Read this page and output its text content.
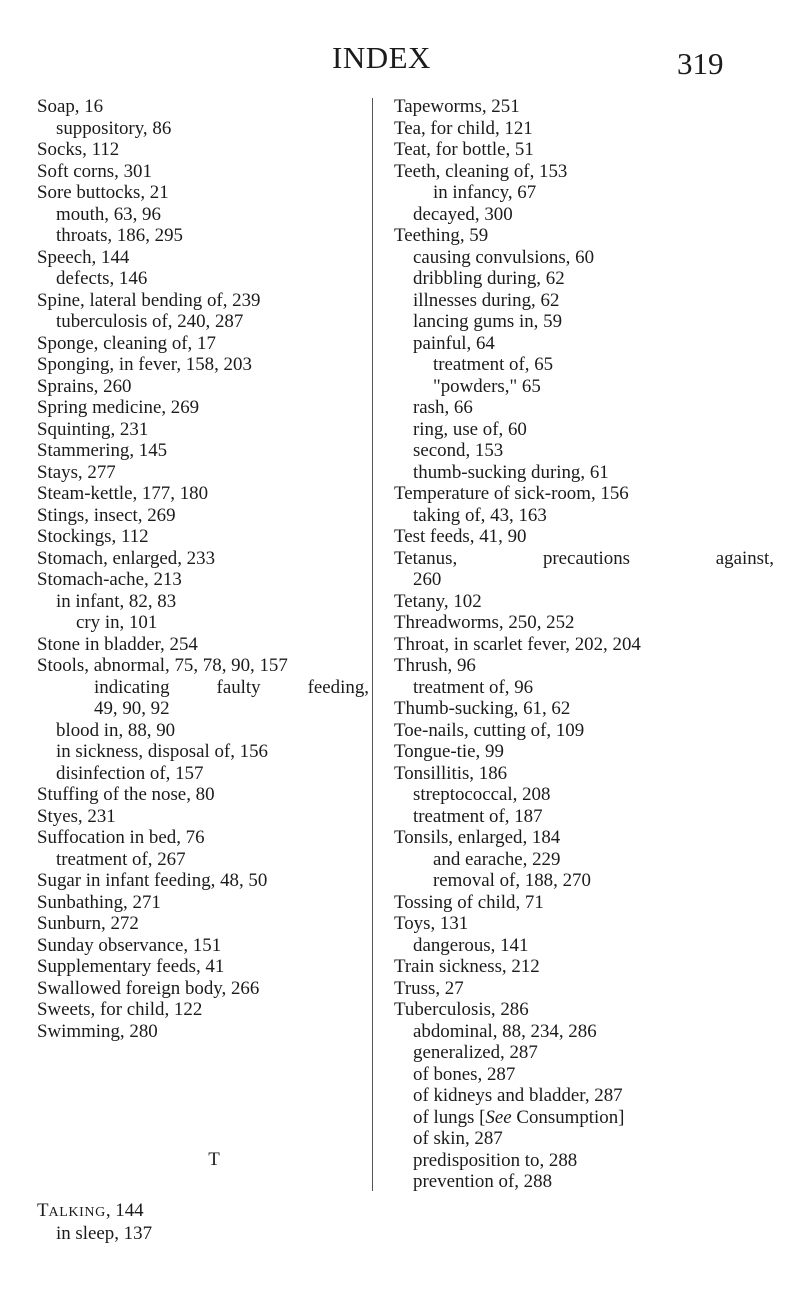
INDEX	319
Soap, 16
suppository, 86
Socks, 112
Soft corns, 301
Sore buttocks, 21
mouth, 63, 96
throats, 186, 295
Speech, 144
defects, 146
Spine, lateral bending of, 239
tuberculosis of, 240, 287
Sponge, cleaning of, 17
Sponging, in fever, 158, 203
Sprains, 260
Spring medicine, 269
Squinting, 231
Stammering, 145
Stays, 277
Steam-kettle, 177, 180
Stings, insect, 269
Stockings, 112
Stomach, enlarged, 233
Stomach-ache, 213
in infant, 82, 83
cry in, 101
Stone in bladder, 254
Stools, abnormal, 75, 78, 90, 157
indicating faulty feeding,
49, 90, 92
blood in, 88, 90
in sickness, disposal of, 156
disinfection of, 157
Stuffing of the nose, 80
Styes, 231
Suffocation in bed, 76
treatment of, 267
Sugar in infant feeding, 48, 50
Sunbathing, 271
Sunburn, 272
Sunday observance, 151
Supplementary feeds, 41
Swallowed foreign body, 266
Sweets, for child, 122
Swimming, 280
T
TALKING, 144
in sleep, 137
Tapeworms, 251
Tea, for child, 121
Teat, for bottle, 51
Teeth, cleaning of, 153
in infancy, 67
decayed, 300
Teething, 59
causing convulsions, 60
dribbling during, 62
illnesses during, 62
lancing gums in, 59
painful, 64
treatment of, 65
"powders," 65
rash, 66
ring, use of, 60
second, 153
thumb-sucking during, 61
Temperature of sick-room, 156
taking of, 43, 163
Test feeds, 41, 90
Tetanus,	precautions	against,
260
Tetany, 102
Threadworms, 250, 252
Throat, in scarlet fever, 202, 204
Thrush, 96
treatment of, 96
Thumb-sucking, 61, 62
Toe-nails, cutting of, 109
Tongue-tie, 99
Tonsillitis, 186
streptococcal, 208
treatment of, 187
Tonsils, enlarged, 184
and earache, 229
removal of, 188, 270
Tossing of child, 71
Toys, 131
dangerous, 141
Train sickness, 212
Truss, 27
Tuberculosis, 286
abdominal, 88, 234, 286
generalized, 287
of bones, 287
of kidneys and bladder, 287
of lungs [See Consumption]
of skin, 287
predisposition to, 288
prevention of, 288
